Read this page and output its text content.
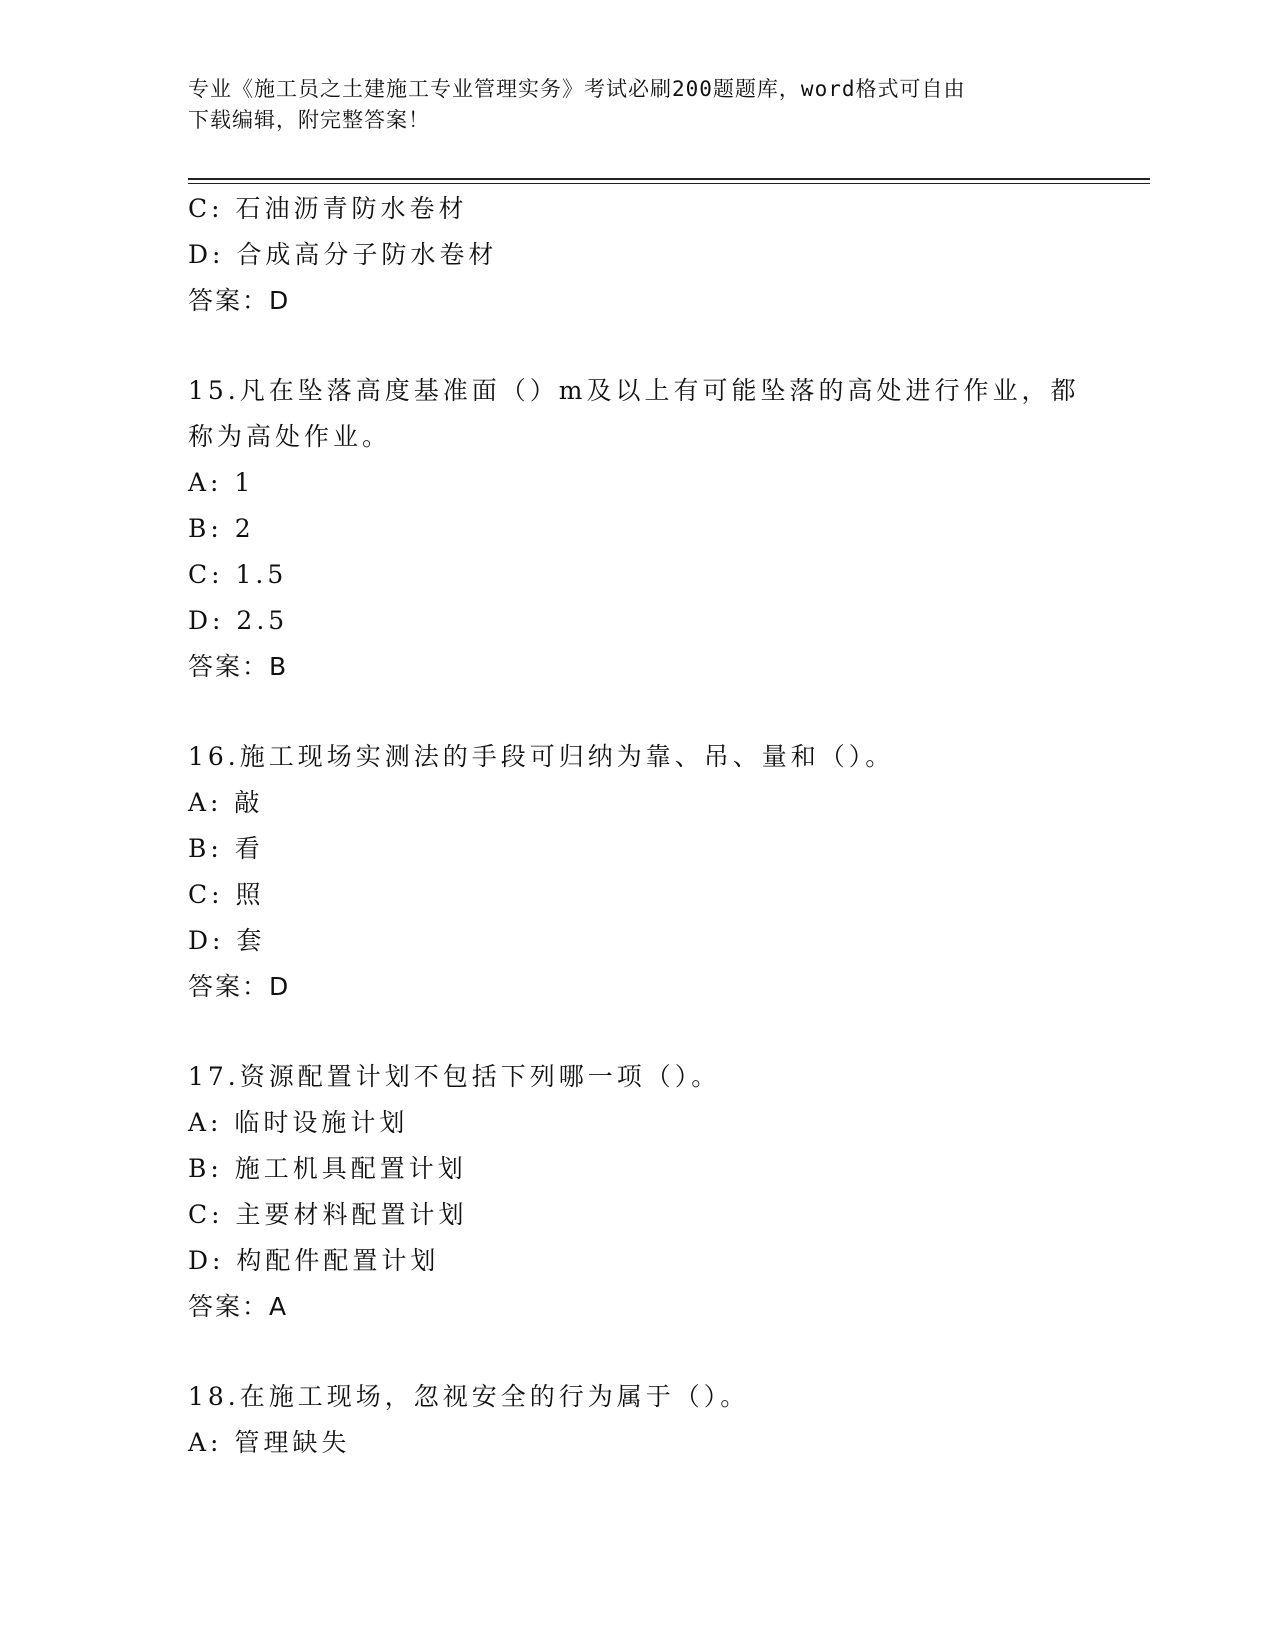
专业《施工员之土建施工专业管理实务》考试必刷200题题库，word格式可自由
下载编辑，附完整答案！
C: 石油沥青防水卷材
D: 合成高分子防水卷材
答案：D
15.凡在坠落高度基准面（）m及以上有可能坠落的高处进行作业，都
称为高处作业。
A: 1
B: 2
C: 1.5
D: 2.5
答案：B
16.施工现场实测法的手段可归纳为靠、吊、量和（）。
A: 敲
B: 看
C: 照
D: 套
答案：D
17.资源配置计划不包括下列哪一项（）。
A: 临时设施计划
B: 施工机具配置计划
C: 主要材料配置计划
D: 构配件配置计划
答案：A
18.在施工现场，忽视安全的行为属于（）。
A: 管理缺失
